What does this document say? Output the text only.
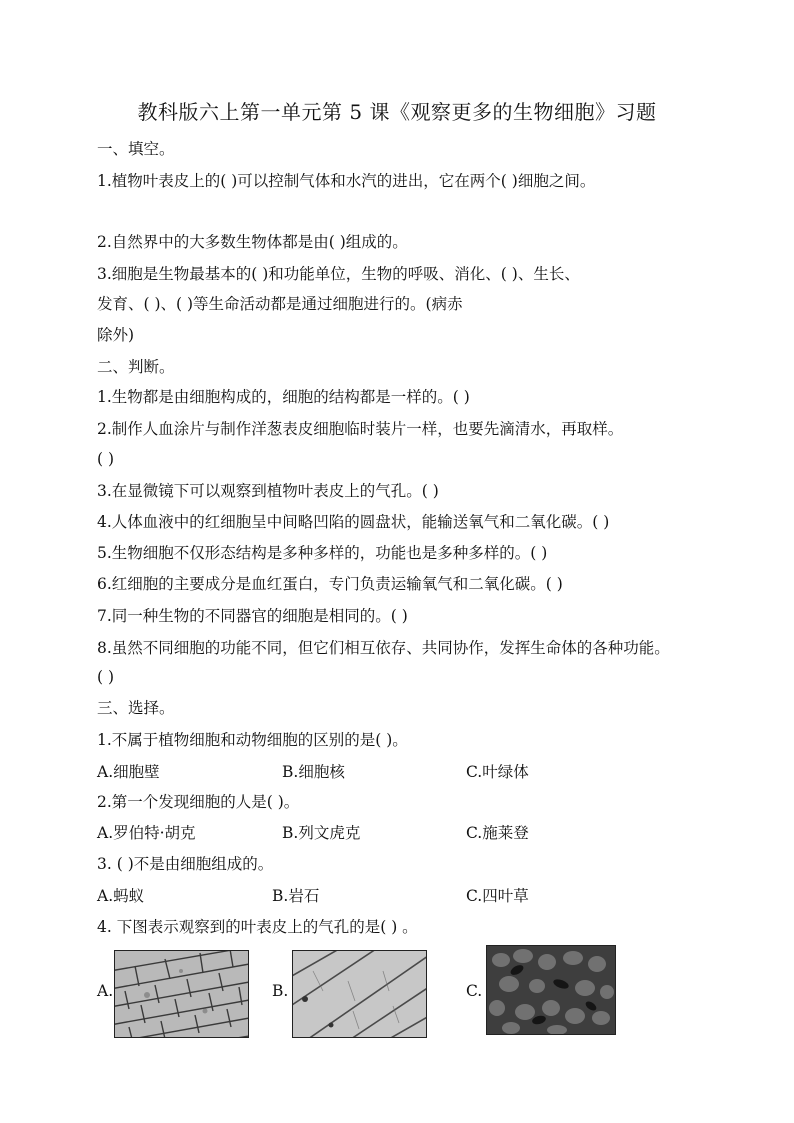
教科版六上第一单元第 5 课《观察更多的生物细胞》习题
一、填空。
1.植物叶表皮上的( )可以控制气体和水汽的进出，它在两个( )细胞之间。
2.自然界中的大多数生物体都是由( )组成的。
3.细胞是生物最基本的( )和功能单位，生物的呼吸、消化、( )、生长、
发育、( )、( )等生命活动都是通过细胞进行的。(病赤
除外)
二、判断。
1.生物都是由细胞构成的，细胞的结构都是一样的。( )
2.制作人血涂片与制作洋葱表皮细胞临时装片一样，也要先滴清水，再取样。
( )
3.在显微镜下可以观察到植物叶表皮上的气孔。( )
4.人体血液中的红细胞呈中间略凹陷的圆盘状，能输送氧气和二氧化碳。( )
5.生物细胞不仅形态结构是多种多样的，功能也是多种多样的。( )
6.红细胞的主要成分是血红蛋白，专门负责运输氧气和二氧化碳。( )
7.同一种生物的不同器官的细胞是相同的。( )
8.虽然不同细胞的功能不同，但它们相互依存、共同协作，发挥生命体的各种功能。
( )
三、选择。
1.不属于植物细胞和动物细胞的区别的是( )。
A.细胞壁	B.细胞核	C.叶绿体
2.第一个发现细胞的人是( )。
A.罗伯特·胡克	B.列文虎克	C.施莱登
3. ( )不是由细胞组成的。
A.蚂蚁	B.岩石	C.四叶草
4. 下图表示观察到的叶表皮上的气孔的是( ) 。
A.	B.	C.
